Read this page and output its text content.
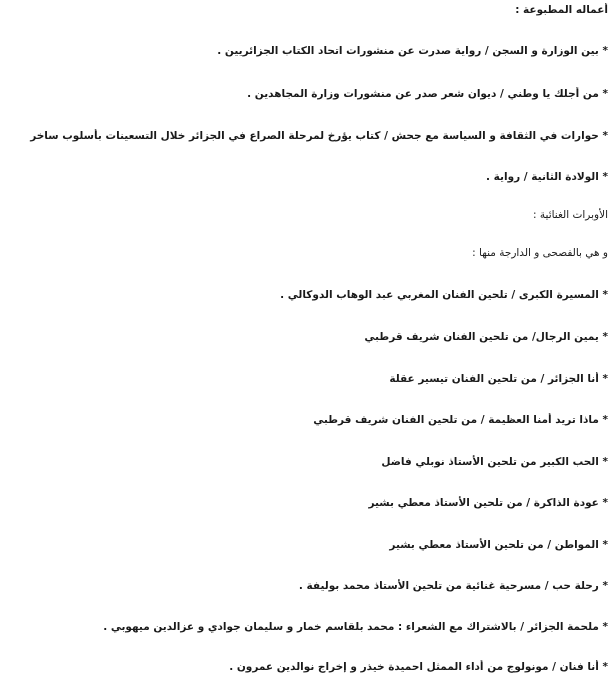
أعماله المطبوعة :
* بين الوزارة و السجن / رواية صدرت عن منشورات اتحاد الكتاب الجزائريين .
* من أجلك يا وطني / ديوان شعر صدر عن منشورات وزارة المجاهدين .
* حوارات في الثقافة و السياسة مع جحش / كتاب يؤرخ لمرحلة الصراع في الجزائر خلال التسعينات بأسلوب ساخر
* الولادة الثانية / رواية .
الأوبرات الغنائية :
و هي بالفصحى و الدارجة منها :
* المسيرة الكبرى / تلحين الفنان المغربي عبد الوهاب الدوكالي .
* يمين الرجال/ من تلحين الفنان شريف قرطبي
* أنا الجزائر / من تلحين الفنان تيسير عقلة
* ماذا تريد أمنا العظيمة / من تلحين الفنان شريف قرطبي
* الحب الكبير من تلحين الأستاذ نوبلي فاضل
* عودة الذاكرة / من تلحين الأستاذ معطي بشير
* المواطن / من تلحين الأستاذ معطي بشير
* رحلة حب / مسرحية غنائية من تلحين الأستاذ محمد بوليفة .
* ملحمة الجزائر / بالاشتراك مع الشعراء : محمد بلقاسم خمار و سليمان جوادي و عزالدين ميهوبي .
* أنا فنان / مونولوج من أداء الممثل احميدة خيذر و إخراج نوالدين عمرون .
